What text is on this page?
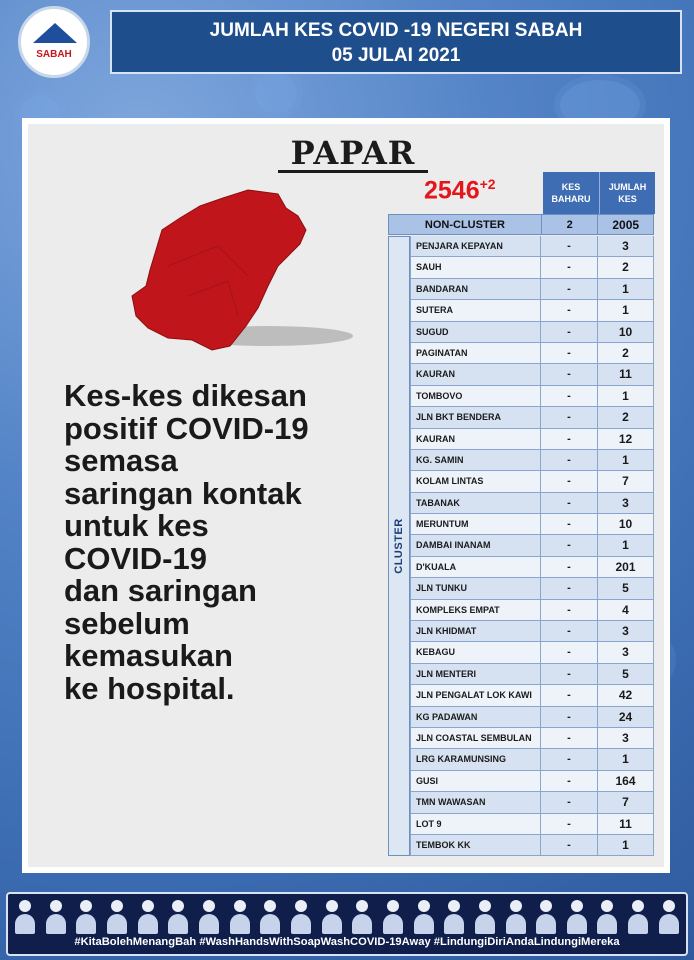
SABAH
JUMLAH KES COVID -19 NEGERI SABAH
05 JULAI 2021
PAPAR
$2546^{+2}$
Kes-kes dikesan
positif COVID-19
semasa
saringan kontak
untuk kes
COVID-19
dan saringan
sebelum
kemasukan
ke hospital.
KES BAHARU
JUMLAH KES
NON-CLUSTER	2	2005
CLUSTER
PENJARA KEPAYAN	-	3
SAUH	-	2
BANDARAN	-	1
SUTERA	-	1
SUGUD	-	10
PAGINATAN	-	2
KAURAN	-	11
TOMBOVO	-	1
JLN BKT BENDERA	-	2
KAURAN	-	12
KG. SAMIN	-	1
KOLAM LINTAS	-	7
TABANAK	-	3
MERUNTUM	-	10
DAMBAI INANAM	-	1
D'KUALA	-	201
JLN TUNKU	-	5
KOMPLEKS EMPAT	-	4
JLN KHIDMAT	-	3
KEBAGU	-	3
JLN MENTERI	-	5
JLN PENGALAT LOK KAWI	-	42
KG PADAWAN	-	24
JLN COASTAL SEMBULAN	-	3
LRG KARAMUNSING	-	1
GUSI	-	164
TMN WAWASAN	-	7
LOT 9	-	11
TEMBOK KK	-	1
#KitaBolehMenangBah #WashHandsWithSoapWashCOVID-19Away #LindungiDiriAndaLindungiMereka
